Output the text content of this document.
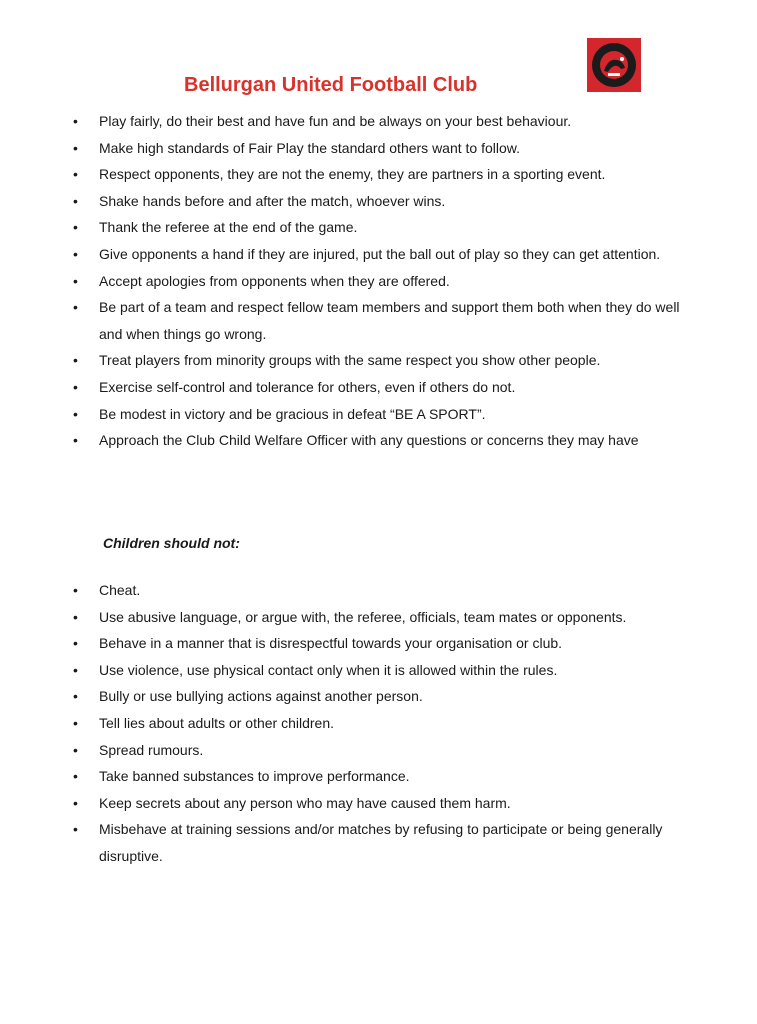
Bellurgan United Football Club
• Play fairly, do their best and have fun and be always on your best behaviour.
• Make high standards of Fair Play the standard others want to follow.
• Respect opponents, they are not the enemy, they are partners in a sporting event.
• Shake hands before and after the match, whoever wins.
• Thank the referee at the end of the game.
• Give opponents a hand if they are injured, put the ball out of play so they can get attention.
• Accept apologies from opponents when they are offered.
• Be part of a team and respect fellow team members and support them both when they do well and when things go wrong.
• Treat players from minority groups with the same respect you show other people.
• Exercise self-control and tolerance for others, even if others do not.
• Be modest in victory and be gracious in defeat “BE A SPORT”.
• Approach the Club Child Welfare Officer with any questions or concerns they may have

Children should not:

• Cheat.
• Use abusive language, or argue with, the referee, officials, team mates or opponents.
• Behave in a manner that is disrespectful towards your organisation or club.
• Use violence, use physical contact only when it is allowed within the rules.
• Bully or use bullying actions against another person.
• Tell lies about adults or other children.
• Spread rumours.
• Take banned substances to improve performance.
• Keep secrets about any person who may have caused them harm.
• Misbehave at training sessions and/or matches by refusing to participate or being generally disruptive.
